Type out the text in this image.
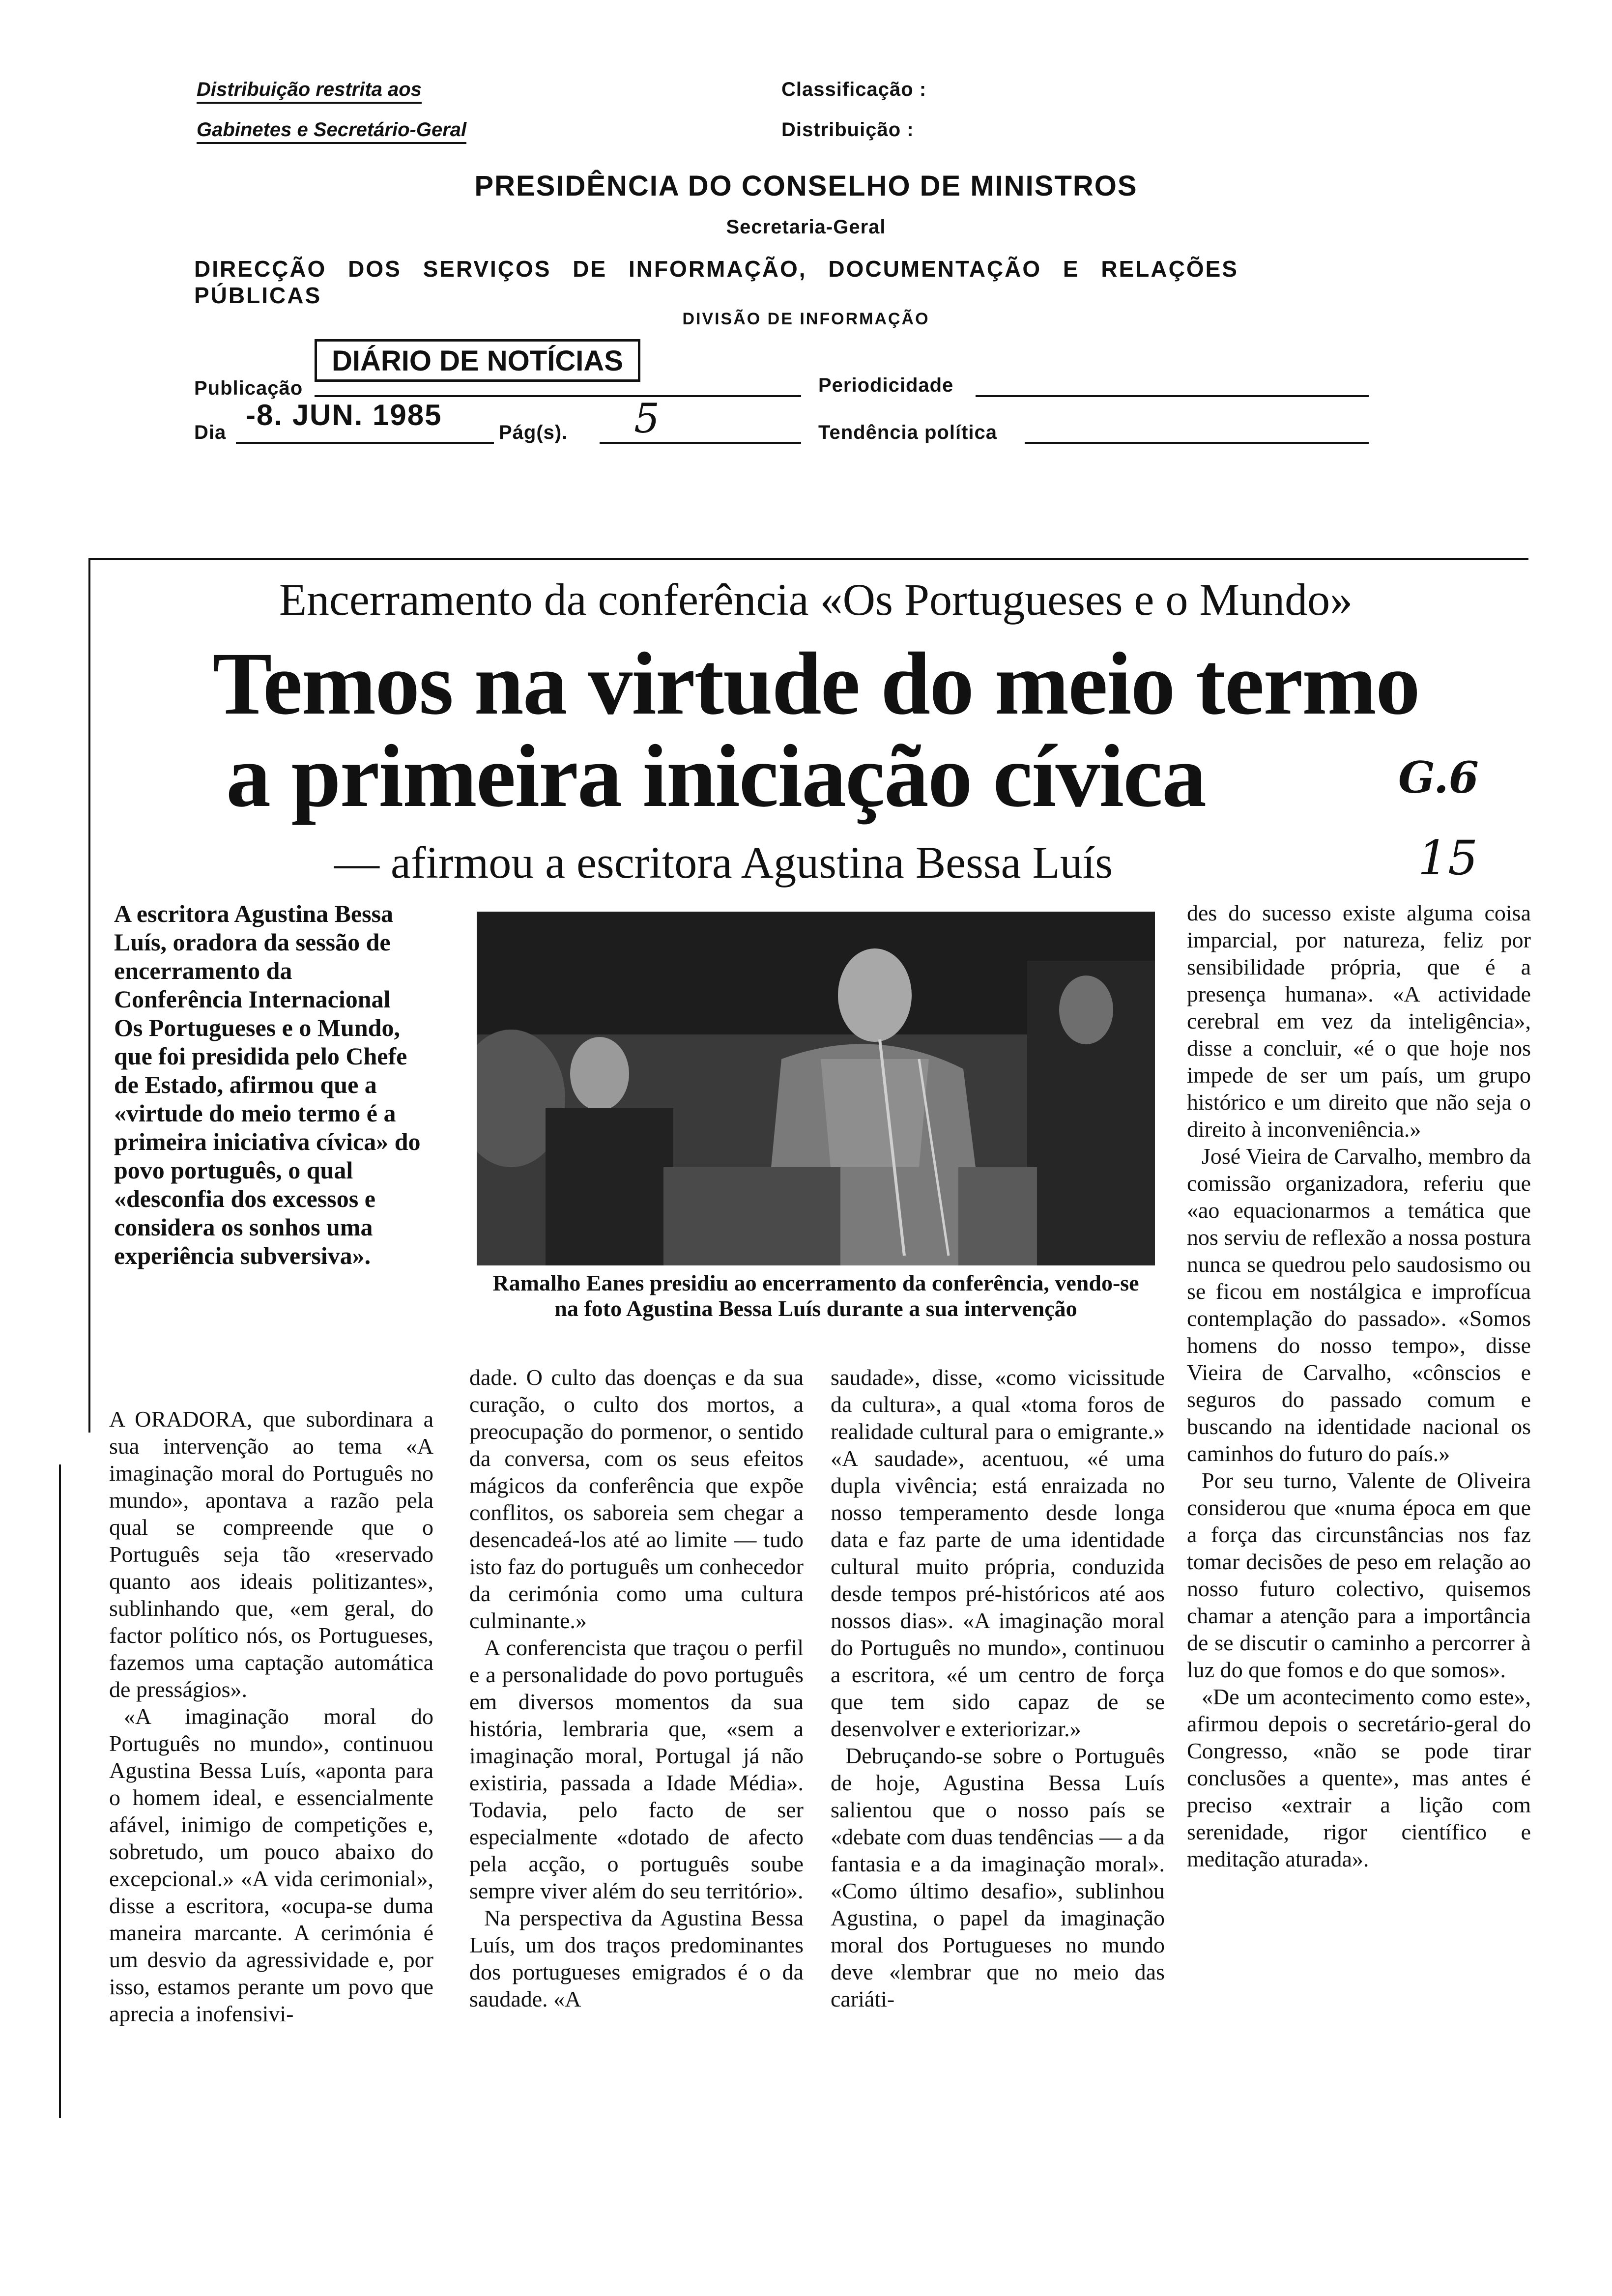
Distribuição restrita aos
Gabinetes e Secretário-Geral
Classificação :
Distribuição :
PRESIDÊNCIA DO CONSELHO DE MINISTROS
Secretaria-Geral
DIRECÇÃO DOS SERVIÇOS DE INFORMAÇÃO, DOCUMENTAÇÃO E RELAÇÕES PÚBLICAS
DIVISÃO DE INFORMAÇÃO
Publicação
DIÁRIO DE NOTÍCIAS
Periodicidade
Dia
-8. JUN. 1985
Pág(s). 5	Tendência política
Encerramento da conferência «Os Portugueses e o Mundo»
Temos na virtude do meio termo
a primeira iniciação cívica	G.6
15
— afirmou a escritora Agustina Bessa Luís
A escritora Agustina Bessa Luís, oradora da sessão de encerramento da Conferência Internacional Os Portugueses e o Mundo, que foi presidida pelo Chefe de Estado, afirmou que a «virtude do meio termo é a primeira iniciativa cívica» do povo português, o qual «desconfia dos excessos e considera os sonhos uma experiência subversiva».

A ORADORA, que subordinara a sua intervenção ao tema «A imaginação moral do Português no mundo», apontava a razão pela qual se compreende que o Português seja tão «reservado quanto aos ideais politizantes», sublinhando que, «em geral, do factor político nós, os Portugueses, fazemos uma captação automática de presságios».

«A imaginação moral do Português no mundo», continuou Agustina Bessa Luís, «aponta para o homem ideal, e essencialmente afável, inimigo de competições e, sobretudo, um pouco abaixo do excepcional.» «A vida cerimonial», disse a escritora, «ocupa-se duma maneira marcante. A cerimónia é um desvio da agressividade e, por isso, estamos perante um povo que aprecia a inofensivi-

Ramalho Eanes presidiu ao encerramento da conferência, vendo-se na foto Agustina Bessa Luís durante a sua intervenção

dade. O culto das doenças e da sua curação, o culto dos mortos, a preocupação do pormenor, o sentido da conversa, com os seus efeitos mágicos da conferência que expõe conflitos, os saboreia sem chegar a desencadeá-los até ao limite — tudo isto faz do português um conhecedor da cerimónia como uma cultura culminante.»

A conferencista que traçou o perfil e a personalidade do povo português em diversos momentos da sua história, lembraria que, «sem a imaginação moral, Portugal já não existiria, passada a Idade Média». Todavia, pelo facto de ser especialmente «dotado de afecto pela acção, o português soube sempre viver além do seu território».

Na perspectiva da Agustina Bessa Luís, um dos traços predominantes dos portugueses emigrados é o da saudade. «A

saudade», disse, «como vicissitude da cultura», a qual «toma foros de realidade cultural para o emigrante.» «A saudade», acentuou, «é uma dupla vivência; está enraizada no nosso temperamento desde longa data e faz parte de uma identidade cultural muito própria, conduzida desde tempos pré-históricos até aos nossos dias». «A imaginação moral do Português no mundo», continuou a escritora, «é um centro de força que tem sido capaz de se desenvolver e exteriorizar.»

Debruçando-se sobre o Português de hoje, Agustina Bessa Luís salientou que o nosso país se «debate com duas tendências — a da fantasia e a da imaginação moral». «Como último desafio», sublinhou Agustina, o papel da imaginação moral dos Portugueses no mundo deve «lembrar que no meio das cariáti-

des do sucesso existe alguma coisa imparcial, por natureza, feliz por sensibilidade própria, que é a presença humana». «A actividade cerebral em vez da inteligência», disse a concluir, «é o que hoje nos impede de ser um país, um grupo histórico e um direito que não seja o direito à inconveniência.»

José Vieira de Carvalho, membro da comissão organizadora, referiu que «ao equacionarmos a temática que nos serviu de reflexão a nossa postura nunca se quedrou pelo saudosismo ou se ficou em nostálgica e improfícua contemplação do passado». «Somos homens do nosso tempo», disse Vieira de Carvalho, «cônscios e seguros do passado comum e buscando na identidade nacional os caminhos do futuro do país.»

Por seu turno, Valente de Oliveira considerou que «numa época em que a força das circunstâncias nos faz tomar decisões de peso em relação ao nosso futuro colectivo, quisemos chamar a atenção para a importância de se discutir o caminho a percorrer à luz do que fomos e do que somos».

«De um acontecimento como este», afirmou depois o secretário-geral do Congresso, «não se pode tirar conclusões a quente», mas antes é preciso «extrair a lição com serenidade, rigor científico e meditação aturada».
